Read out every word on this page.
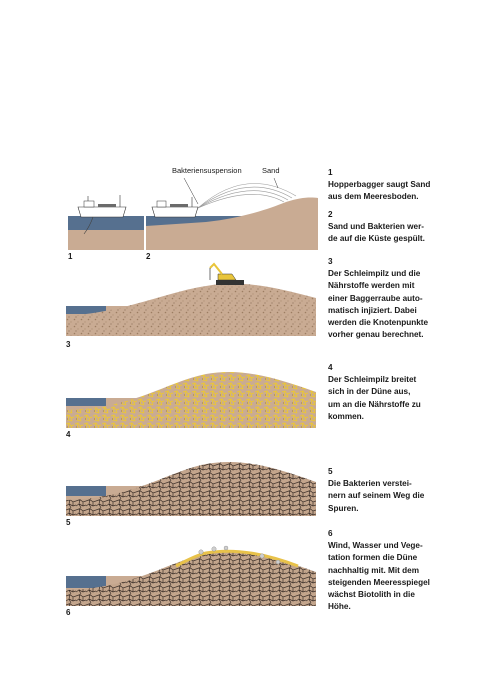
1
Bakteriensuspension	Sand
2
3
4
5
6
1
Hopperbagger saugt Sand
aus dem Meeresboden.
2
Sand und Bakterien wer-
de auf die Küste gespült.
3
Der Schleimpilz und die
Nährstoffe werden mit
einer Baggerraube auto-
matisch injiziert. Dabei
werden die Knotenpunkte
vorher genau berechnet.
4
Der Schleimpilz breitet
sich in der Düne aus,
um an die Nährstoffe zu
kommen.
5
Die Bakterien verstei-
nern auf seinem Weg die
Spuren.
6
Wind, Wasser und Vege-
tation formen die Düne
nachhaltig mit. Mit dem
steigenden Meeresspiegel
wächst Biotolith in die
Höhe.
